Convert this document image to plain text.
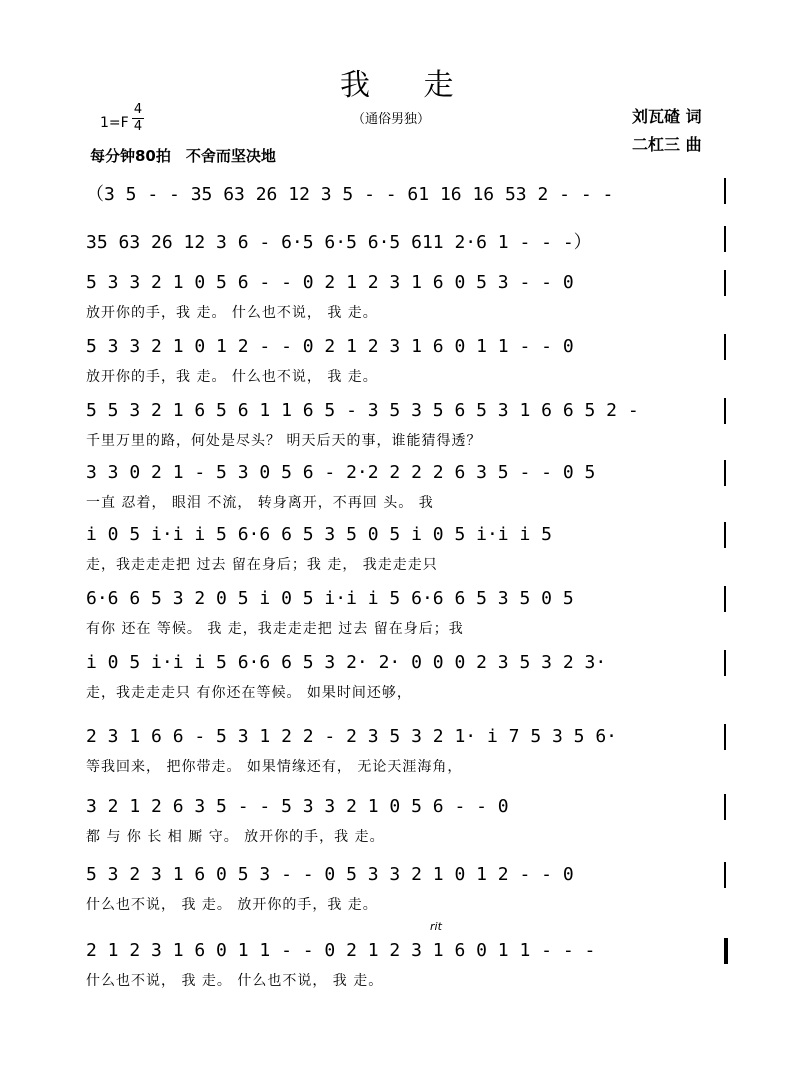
我 走
（通俗男独）
1=F
4
4
每分钟80拍　不舍而坚决地
刘瓦碴 词
二杠三 曲
rit
（3 5 - - 35 63 26 12 3 5 - - 61 16 16 53 2 - - -
35 63 26 12 3 6 - 6·5 6·5 6·5 611 2·6 1 - - -）
5 3 3 2 1 0 5 6 - - 0 2 1 2 3 1 6 0 5 3 - - 0
放开你的手，我 走。 什么也不说， 我 走。
5 3 3 2 1 0 1 2 - - 0 2 1 2 3 1 6 0 1 1 - - 0
放开你的手，我 走。 什么也不说， 我 走。
5 5 3 2 1 6 5 6 1 1 6 5 - 3 5 3 5 6 5 3 1 6 6 5 2 -
千里万里的路，何处是尽头？ 明天后天的事，谁能猜得透？
3 3 0 2 1 - 5 3 0 5 6 - 2·2 2 2 2 6 3 5 - - 0 5
一直 忍着， 眼泪 不流， 转身离开，不再回 头。 我
i 0 5 i·i i 5 6·6 6 5 3 5 0 5 i 0 5 i·i i 5
走，我走走走把 过去 留在身后；我 走， 我走走走只
6·6 6 5 3 2 0 5 i 0 5 i·i i 5 6·6 6 5 3 5 0 5
有你 还在 等候。 我 走，我走走走把 过去 留在身后；我
i 0 5 i·i i 5 6·6 6 5 3 2· 2· 0 0 0 2 3 5 3 2 3·
走，我走走走只 有你还在等候。 如果时间还够，
2 3 1 6 6 - 5 3 1 2 2 - 2 3 5 3 2 1· i 7 5 3 5 6·
等我回来， 把你带走。 如果情缘还有， 无论天涯海角，
3 2 1 2 6 3 5 - - 5 3 3 2 1 0 5 6 - - 0
都 与 你 长 相 厮 守。 放开你的手，我 走。
5 3 2 3 1 6 0 5 3 - - 0 5 3 3 2 1 0 1 2 - - 0
什么也不说， 我 走。 放开你的手，我 走。
2 1 2 3 1 6 0 1 1 - - 0 2 1 2 3 1 6 0 1 1 - - -
什么也不说， 我 走。 什么也不说， 我 走。
